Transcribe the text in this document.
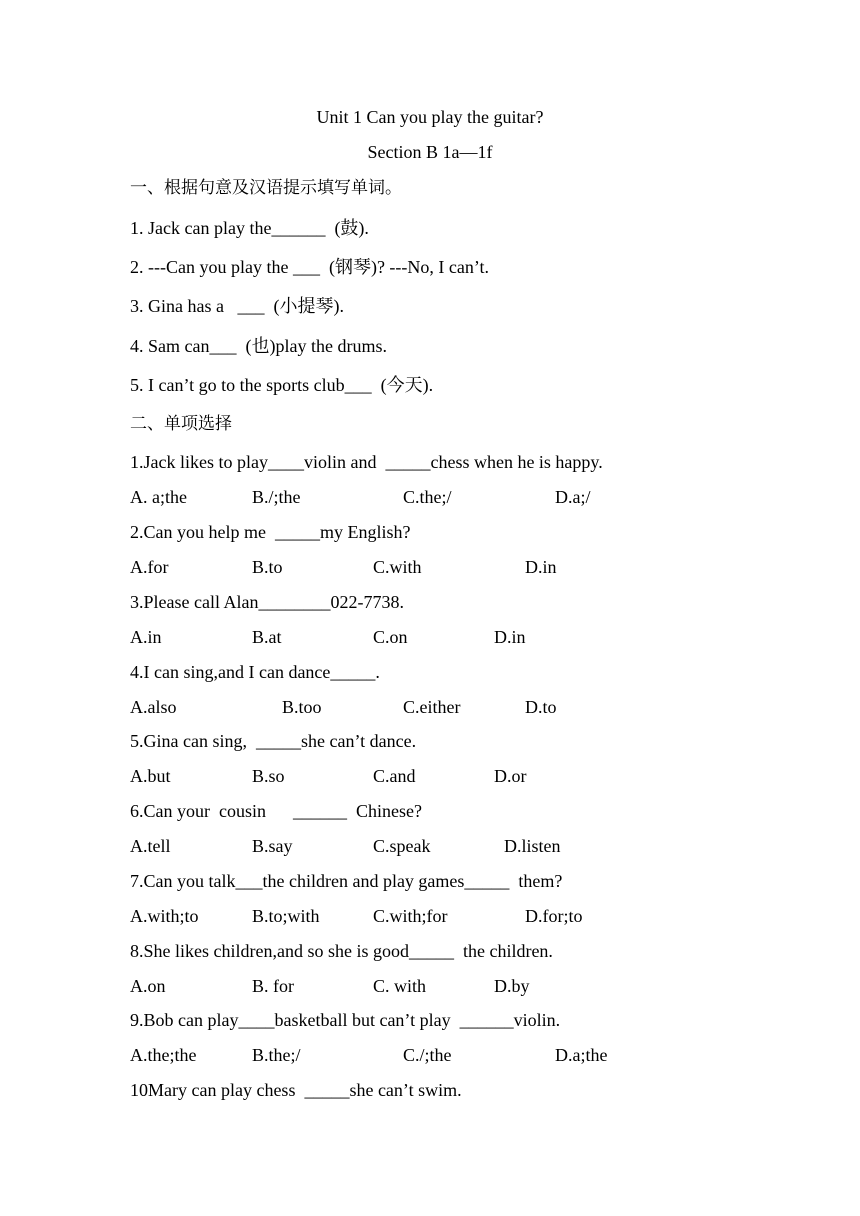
Unit 1 Can you play the guitar?
Section B 1a—1f
一、根据句意及汉语提示填写单词。
1. Jack can play the______  (鼓).
2. ---Can you play the ___  (钢琴)? ---No, I can’t.
3. Gina has a   ___  (小提琴).
4. Sam can___  (也)play the drums.
5. I can’t go to the sports club___  (今天).
二、单项选择
1.Jack likes to play____violin and  _____chess when he is happy.
A. a;the	B./;the	C.the;/	D.a;/
2.Can you help me  _____my English?
A.for	B.to	C.with	D.in
3.Please call Alan________022-7738.
A.in	B.at	C.on	D.in
4.I can sing,and I can dance_____.
A.also	B.too	C.either	D.to
5.Gina can sing,  _____she can’t dance.
A.but	B.so	C.and	D.or
6.Can your  cousin      ______  Chinese?
A.tell	B.say	C.speak	D.listen
7.Can you talk___the children and play games_____  them?
A.with;to	B.to;with	C.with;for	D.for;to
8.She likes children,and so she is good_____  the children.
A.on	B. for	C. with	D.by
9.Bob can play____basketball but can’t play  ______violin.
A.the;the	B.the;/	C./;the	D.a;the
10Mary can play chess  _____she can’t swim.
